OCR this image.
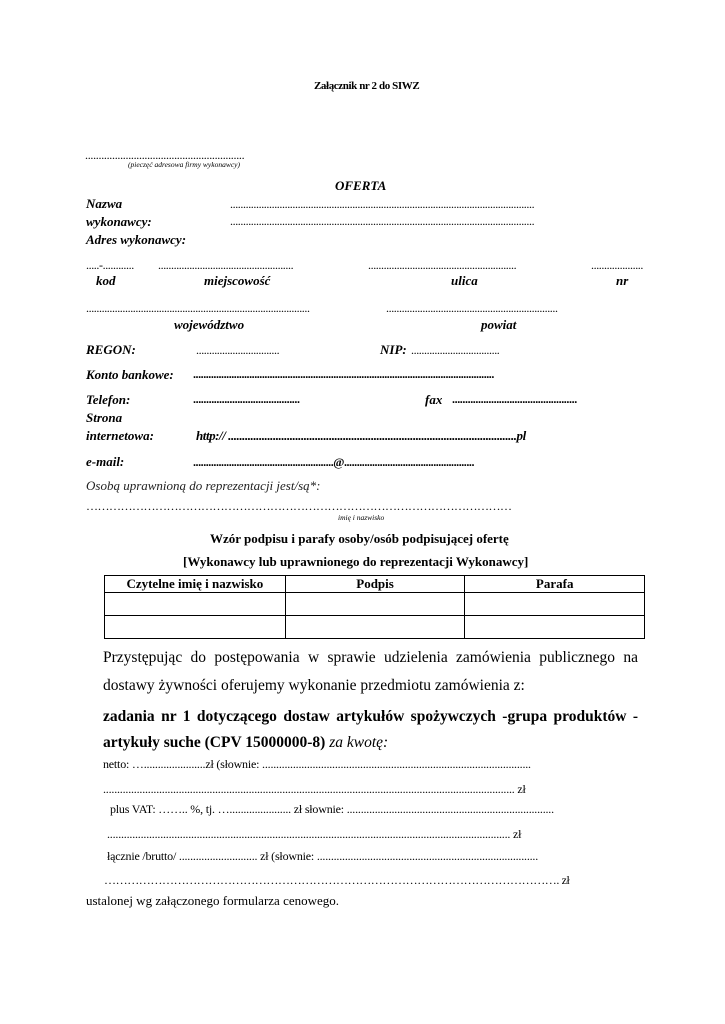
Załącznik nr 2 do SIWZ
...........................................................
(pieczęć adresowa firmy wykonawcy)
OFERTA
Nazwa	.....................................................................................................................
wykonawcy:	.....................................................................................................................
Adres wykonawcy:
.....-............ ....................................................	.........................................................	....................
kod	miejscowość	ulica	nr
......................................................................................	..................................................................
województwo	powiat
REGON:	................................	NIP: ..................................
Konto bankowe: ......................................................................................................................
Telefon:	.........................................	fax ................................................
Strona
internetowa:	http:// .......................................................................................................pl
e-mail:	.......................................................@...................................................
Osobą uprawnioną do reprezentacji jest/są*:
…………………………………………………………………………………………………
imię i nazwisko
Wzór podpisu i parafy osoby/osób podpisującej ofertę
[Wykonawcy lub uprawnionego do reprezentacji Wykonawcy]
Czytelne imię i nazwisko	Podpis	Parafa

Przystępując do postępowania w sprawie udzielenia zamówienia publicznego na dostawy żywności oferujemy wykonanie przedmiotu zamówienia z:
zadania nr 1 dotyczącego dostaw artykułów spożywczych -grupa produktów - artykuły suche (CPV 15000000-8) za kwotę:
netto: …......................zł (słownie: ................................................................................................
................................................................................................................................................... zł
plus VAT: …….. %, tj. …...................... zł słownie: ..........................................................................
................................................................................................................................................ zł
łącznie /brutto/ ............................ zł (słownie: ...............................................................................
………………………………………………………………………………………………………. zł
ustalonej wg załączonego formularza cenowego.
